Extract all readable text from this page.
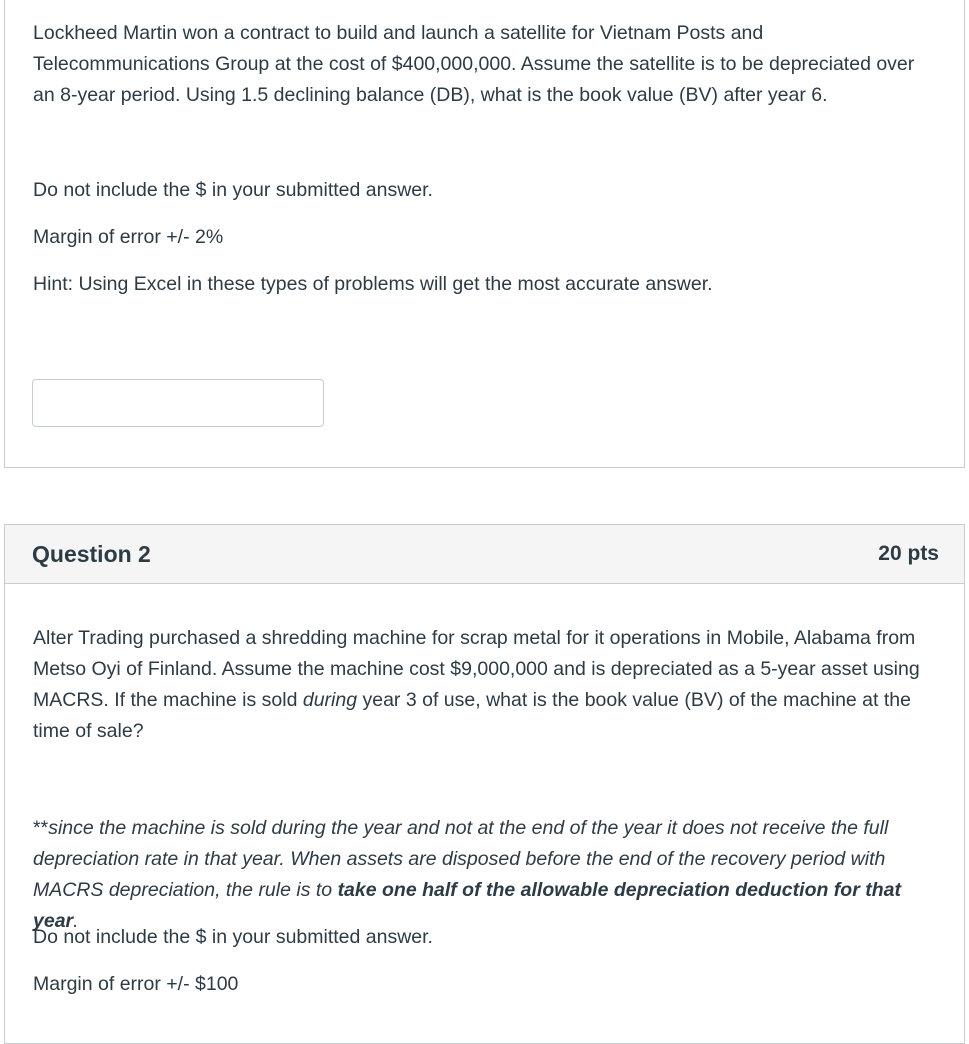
Lockheed Martin won a contract to build and launch a satellite for Vietnam Posts and Telecommunications Group at the cost of $400,000,000. Assume the satellite is to be depreciated over an 8-year period. Using 1.5 declining balance (DB), what is the book value (BV) after year 6.

Do not include the $ in your submitted answer.

Margin of error +/- 2%

Hint: Using Excel in these types of problems will get the most accurate answer.

Question 2	20 pts

Alter Trading purchased a shredding machine for scrap metal for it operations in Mobile, Alabama from Metso Oyi of Finland. Assume the machine cost $9,000,000 and is depreciated as a 5-year asset using MACRS. If the machine is sold during year 3 of use, what is the book value (BV) of the machine at the time of sale?

**since the machine is sold during the year and not at the end of the year it does not receive the full depreciation rate in that year. When assets are disposed before the end of the recovery period with MACRS depreciation, the rule is to take one half of the allowable depreciation deduction for that year.

Do not include the $ in your submitted answer.

Margin of error +/- $100
